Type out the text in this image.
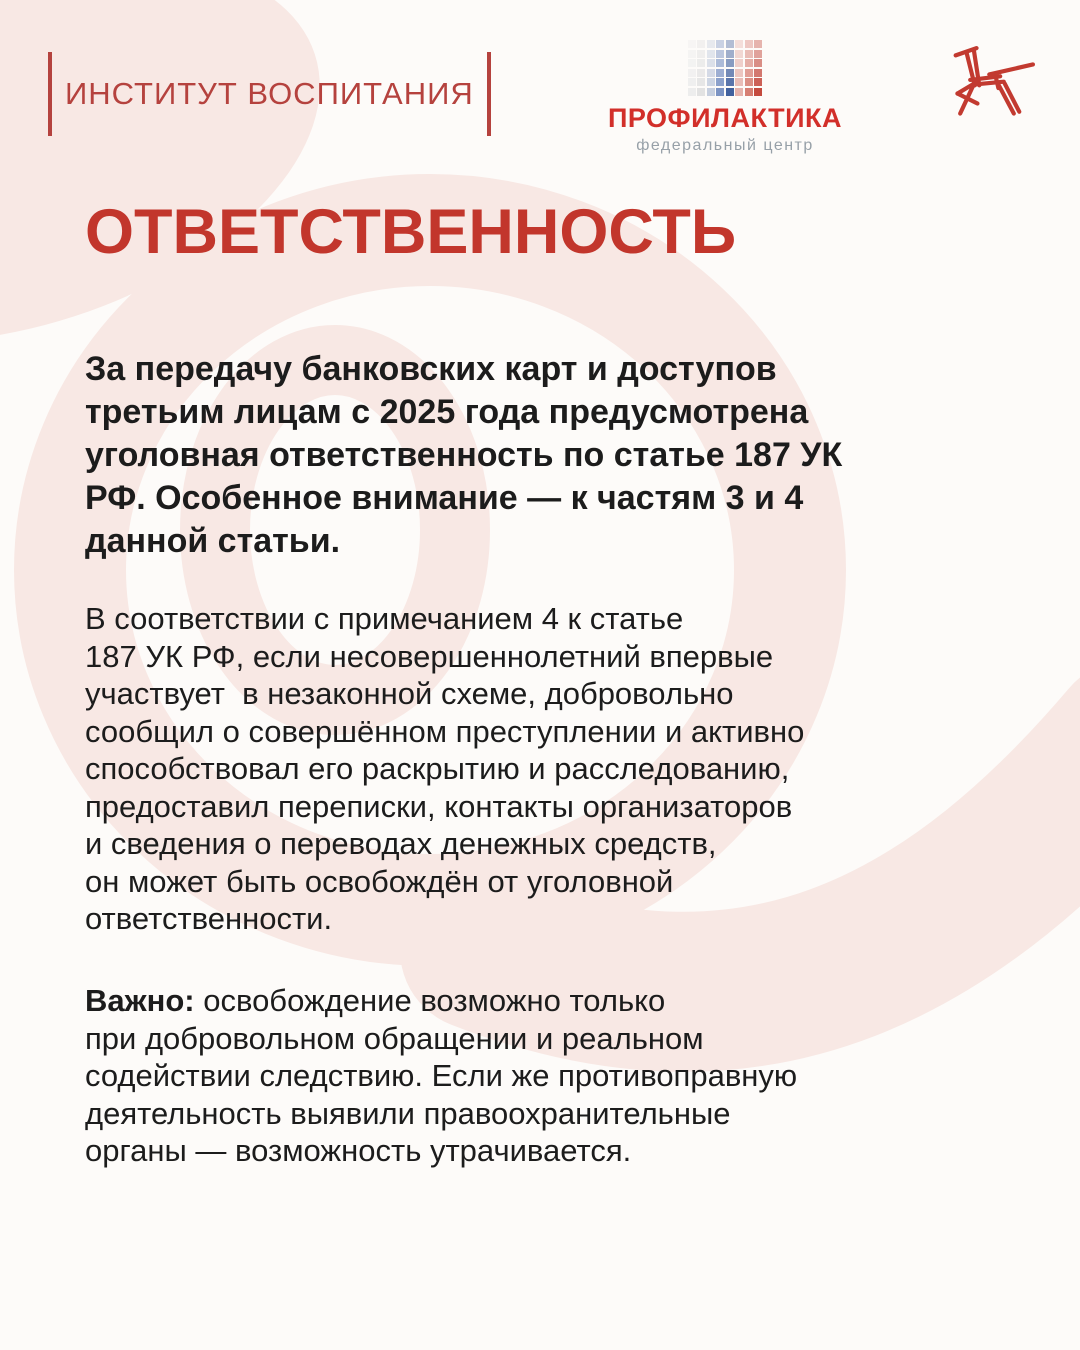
ИНСТИТУТ ВОСПИТАНИЯ
ПРОФИЛАКТИКА
федеральный центр
ОТВЕТСТВЕННОСТЬ
За передачу банковских карт и доступов
третьим лицам с 2025 года предусмотрена
уголовная ответственность по статье 187 УК
РФ. Особенное внимание — к частям 3 и 4
данной статьи.
В соответствии с примечанием 4 к статье
187 УК РФ, если несовершеннолетний впервые
участвует  в незаконной схеме, добровольно
сообщил о совершённом преступлении и активно
способствовал его раскрытию и расследованию,
предоставил переписки, контакты организаторов
и сведения о переводах денежных средств,
он может быть освобождён от уголовной
ответственности.
Важно: освобождение возможно только
при добровольном обращении и реальном
содействии следствию. Если же противоправную
деятельность выявили правоохранительные
органы — возможность утрачивается.
